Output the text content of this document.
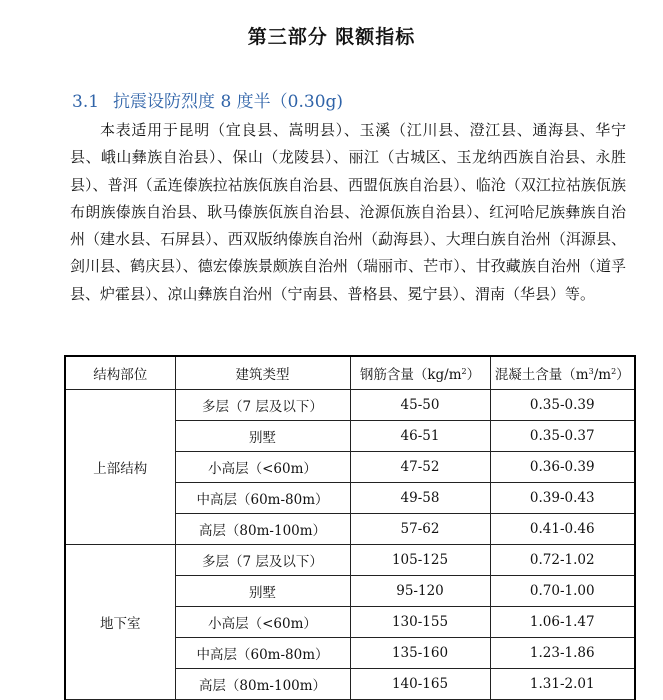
第三部分 限额指标
3.1 抗震设防烈度 8 度半（0.30g)

本表适用于昆明（宜良县、嵩明县）、玉溪（江川县、澄江县、通海县、华宁县、峨山彝族自治县）、保山（龙陵县）、丽江（古城区、玉龙纳西族自治县、永胜县）、普洱（孟连傣族拉祜族佤族自治县、西盟佤族自治县）、临沧（双江拉祜族佤族布朗族傣族自治县、耿马傣族佤族自治县、沧源佤族自治县）、红河哈尼族彝族自治州（建水县、石屏县）、西双版纳傣族自治州（勐海县）、大理白族自治州（洱源县、剑川县、鹤庆县）、德宏傣族景颇族自治州（瑞丽市、芒市）、甘孜藏族自治州（道孚县、炉霍县）、凉山彝族自治州（宁南县、普格县、冕宁县）、渭南（华县）等。

结构部位	建筑类型	钢筋含量$(kg/m^2)$	混凝土含量$(m^3/m^2)$
上部结构	多层（7 层及以下）	45-50	0.35-0.39
	别墅	46-51	0.35-0.37
	小高层（<60m）	47-52	0.36-0.39
	中高层（60m-80m）	49-58	0.39-0.43
	高层（80m-100m）	57-62	0.41-0.46
地下室	多层（7 层及以下）	105-125	0.72-1.02
	别墅	95-120	0.70-1.00
	小高层（<60m）	130-155	1.06-1.47
	中高层（60m-80m）	135-160	1.23-1.86
	高层（80m-100m）	140-165	1.31-2.01
